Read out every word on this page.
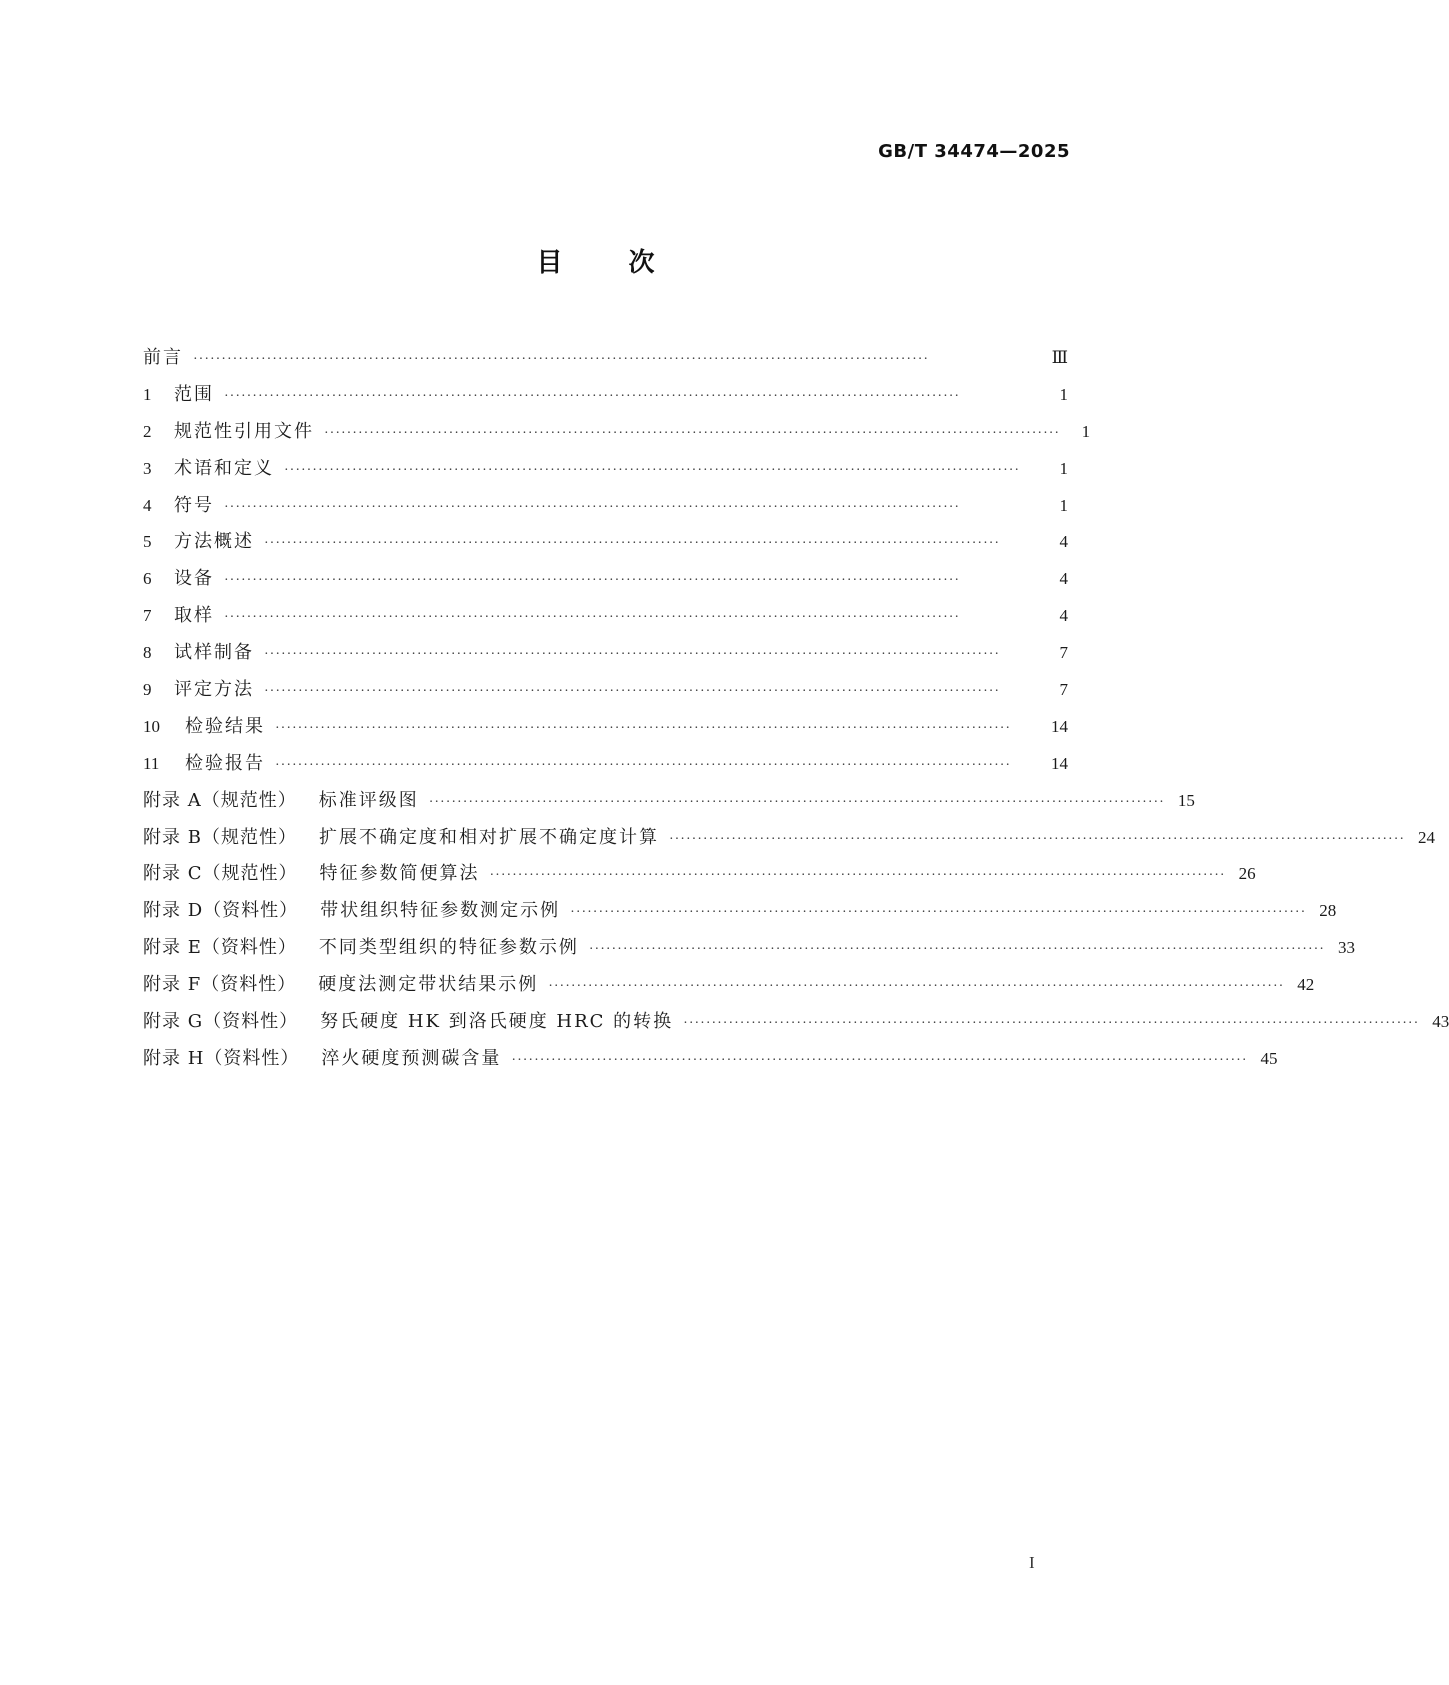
GB/T 34474—2025
目次
前言 ··································································································································	Ⅲ
1	范围 ··································································································································	1
2	规范性引用文件 ··································································································································	1
3	术语和定义 ··································································································································	1
4	符号 ··································································································································	1
5	方法概述 ··································································································································	4
6	设备 ··································································································································	4
7	取样 ··································································································································	4
8	试样制备 ··································································································································	7
9	评定方法 ··································································································································	7
10	检验结果 ··································································································································	14
11	检验报告 ··································································································································	14
附录 A（规范性） 标准评级图 ·································································································································· 15
附录 B（规范性） 扩展不确定度和相对扩展不确定度计算 ·································································································································· 24
附录 C（规范性） 特征参数简便算法 ·································································································································· 26
附录 D（资料性） 带状组织特征参数测定示例 ·································································································································· 28
附录 E（资料性） 不同类型组织的特征参数示例 ·································································································································· 33
附录 F（资料性） 硬度法测定带状结果示例 ·································································································································· 42
附录 G（资料性） 努氏硬度 HK 到洛氏硬度 HRC 的转换 ·································································································································· 43
附录 H（资料性） 淬火硬度预测碳含量 ·································································································································· 45
I
